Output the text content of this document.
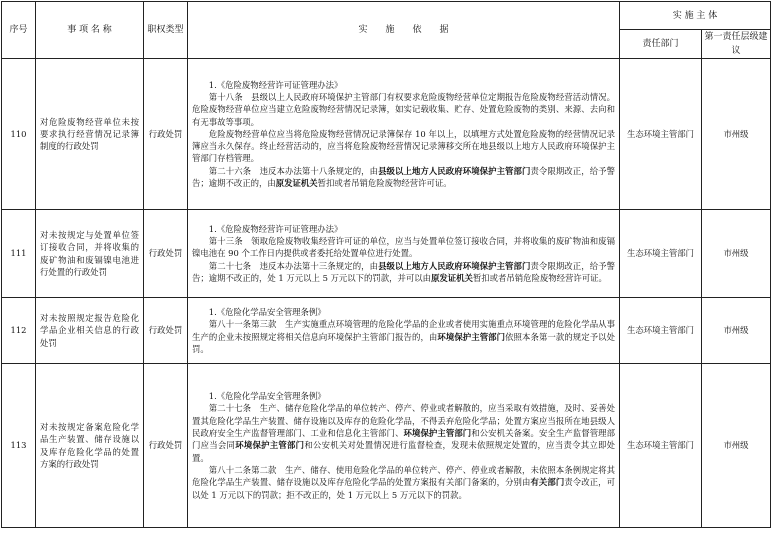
序号	事 项 名 称	职权类型	实　　施　　依　　据	实 施 主 体	
				责任部门	第一责任层级建议
110	对危险废物经营单位未按要求执行经营情况记录簿制度的行政处罚	行政处罚	1.《危险废物经营许可证管理办法》

第十八条　县级以上人民政府环境保护主管部门有权要求危险废物经营单位定期报告危险废物经营活动情况。危险废物经营单位应当建立危险废物经营情况记录簿，如实记载收集、贮存、处置危险废物的类别、来源、去向和有无事故等事项。

危险废物经营单位应当将危险废物经营情况记录簿保存 10 年以上，以填埋方式处置危险废物的经营情况记录簿应当永久保存。终止经营活动的，应当将危险废物经营情况记录簿移交所在地县级以上地方人民政府环境保护主管部门存档管理。

第二十六条　违反本办法第十八条规定的，由县级以上地方人民政府环境保护主管部门责令限期改正，给予警告；逾期不改正的，由原发证机关暂扣或者吊销危险废物经营许可证。	生态环境主管部门	市州级
111	对未按规定与处置单位签订接收合同，并将收集的废矿物油和废镉镍电池进行处置的行政处罚	行政处罚	1.《危险废物经营许可证管理办法》

第十三条　领取危险废物收集经营许可证的单位，应当与处置单位签订接收合同，并将收集的废矿物油和废镉镍电池在 90 个工作日内提供或者委托给处置单位进行处置。

第二十七条　违反本办法第十三条规定的，由县级以上地方人民政府环境保护主管部门责令限期改正，给予警告；逾期不改正的，处 1 万元以上 5 万元以下的罚款，并可以由原发证机关暂扣或者吊销危险废物经营许可证。	生态环境主管部门	市州级
112	对未按照规定报告危险化学品企业相关信息的行政处罚	行政处罚	1.《危险化学品安全管理条例》

第八十一条第三款　生产实施重点环境管理的危险化学品的企业或者使用实施重点环境管理的危险化学品从事生产的企业未按照规定将相关信息向环境保护主管部门报告的，由环境保护主管部门依照本条第一款的规定予以处罚。	生态环境主管部门	市州级
113	对未按规定备案危险化学品生产装置、储存设施以及库存危险化学品的处置方案的行政处罚	行政处罚	1.《危险化学品安全管理条例》

第二十七条　生产、储存危险化学品的单位转产、停产、停业或者解散的，应当采取有效措施，及时、妥善处置其危险化学品生产装置、储存设施以及库存的危险化学品，不得丢弃危险化学品；处置方案应当报所在地县级人民政府安全生产监督管理部门、工业和信息化主管部门、环境保护主管部门和公安机关备案。安全生产监督管理部门应当会同环境保护主管部门和公安机关对处置情况进行监督检查，发现未依照规定处置的，应当责令其立即处置。

第八十二条第二款　生产、储存、使用危险化学品的单位转产、停产、停业或者解散，未依照本条例规定将其危险化学品生产装置、储存设施以及库存危险化学品的处置方案报有关部门备案的，分别由有关部门责令改正，可以处 1 万元以下的罚款；拒不改正的，处 1 万元以上 5 万元以下的罚款。	生态环境主管部门	市州级
